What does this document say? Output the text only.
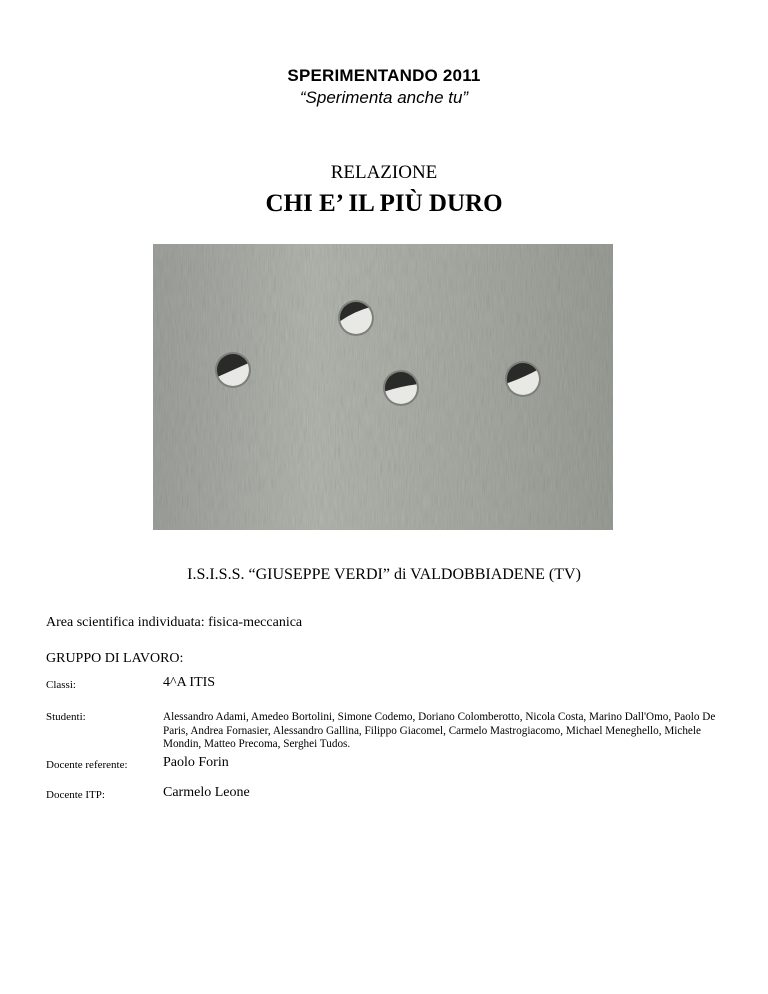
SPERIMENTANDO 2011
“Sperimenta anche tu”
RELAZIONE
CHI E’ IL PIÙ DURO
I.S.I.S.S. “GIUSEPPE VERDI” di VALDOBBIADENE (TV)
Area scientifica individuata: fisica-meccanica
GRUPPO DI LAVORO:
Classi:	4^A ITIS
Studenti:	Alessandro Adami, Amedeo Bortolini, Simone Codemo, Doriano Colomberotto, Nicola Costa, Marino Dall'Omo, Paolo De Paris, Andrea Fornasier, Alessandro Gallina, Filippo Giacomel, Carmelo Mastrogiacomo, Michael Meneghello, Michele Mondin, Matteo Precoma, Serghei Tudos.
Docente referente:	Paolo Forin
Docente ITP:	Carmelo Leone
